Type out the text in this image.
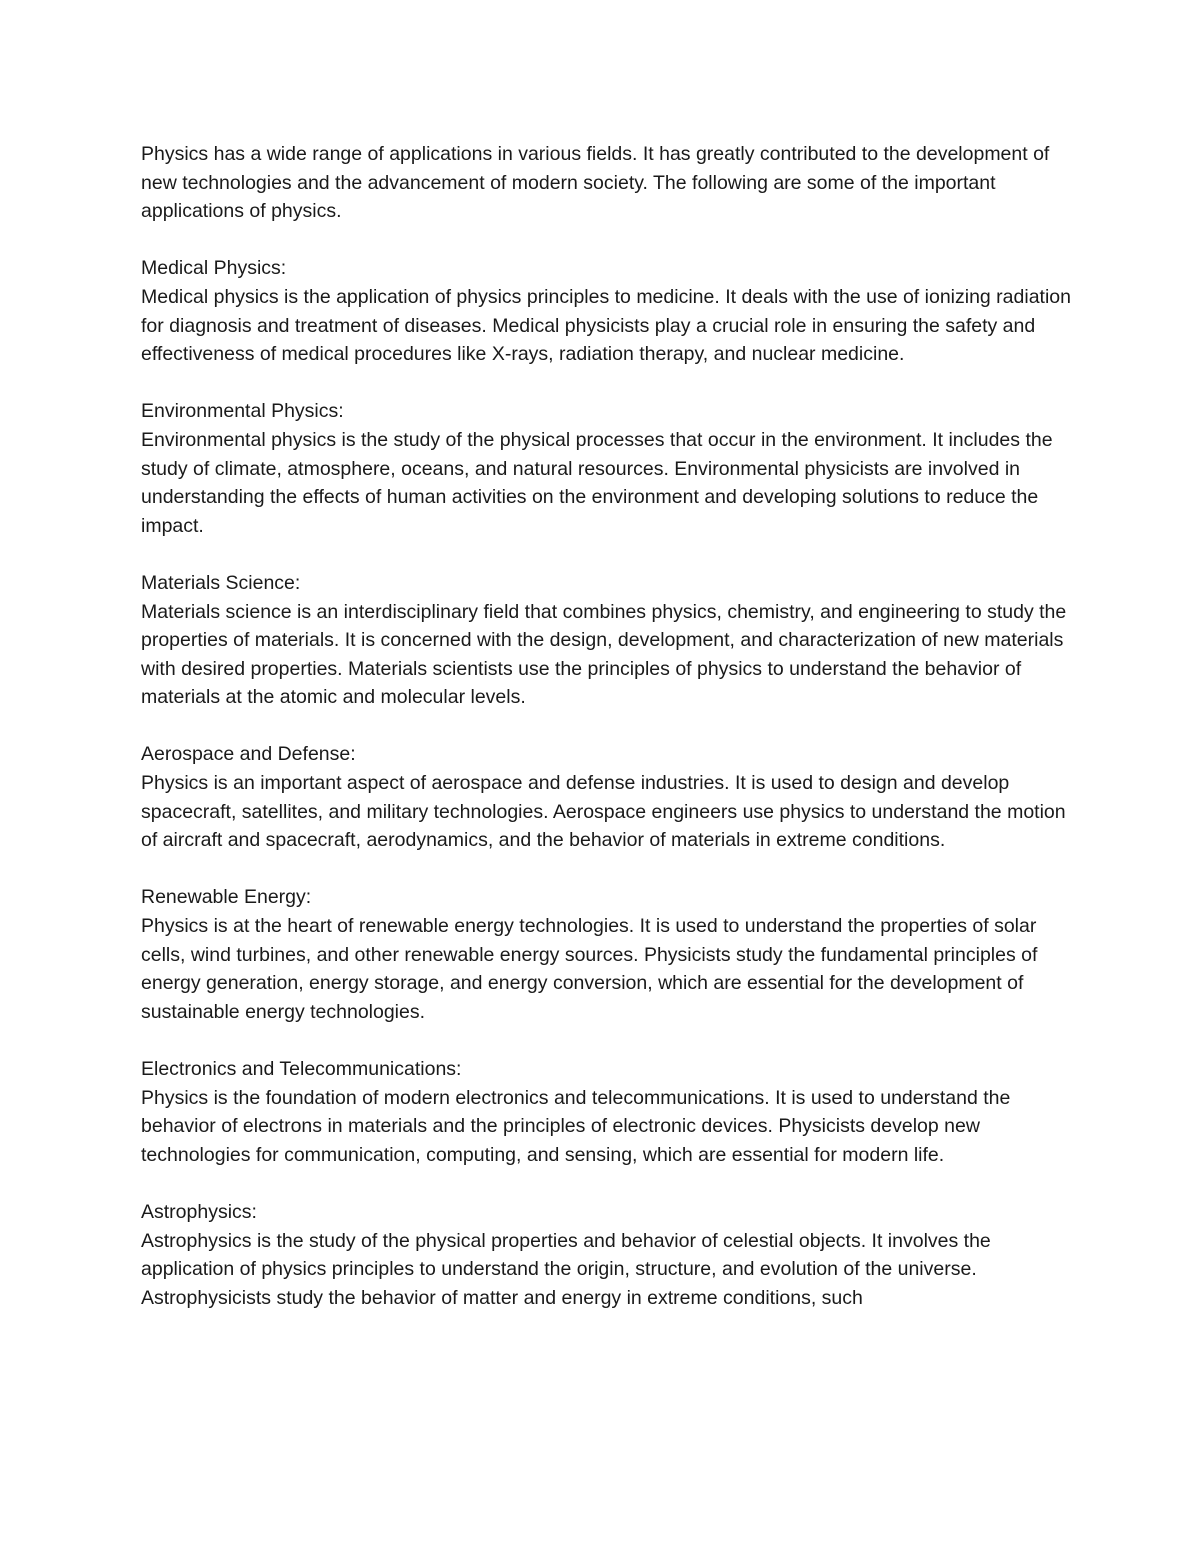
Physics has a wide range of applications in various fields. It has greatly contributed to the development of new technologies and the advancement of modern society. The following are some of the important applications of physics.

Medical Physics:

Medical physics is the application of physics principles to medicine. It deals with the use of ionizing radiation for diagnosis and treatment of diseases. Medical physicists play a crucial role in ensuring the safety and effectiveness of medical procedures like X-rays, radiation therapy, and nuclear medicine.

Environmental Physics:

Environmental physics is the study of the physical processes that occur in the environment. It includes the study of climate, atmosphere, oceans, and natural resources. Environmental physicists are involved in understanding the effects of human activities on the environment and developing solutions to reduce the impact.

Materials Science:

Materials science is an interdisciplinary field that combines physics, chemistry, and engineering to study the properties of materials. It is concerned with the design, development, and characterization of new materials with desired properties. Materials scientists use the principles of physics to understand the behavior of materials at the atomic and molecular levels.

Aerospace and Defense:

Physics is an important aspect of aerospace and defense industries. It is used to design and develop spacecraft, satellites, and military technologies. Aerospace engineers use physics to understand the motion of aircraft and spacecraft, aerodynamics, and the behavior of materials in extreme conditions.

Renewable Energy:

Physics is at the heart of renewable energy technologies. It is used to understand the properties of solar cells, wind turbines, and other renewable energy sources. Physicists study the fundamental principles of energy generation, energy storage, and energy conversion, which are essential for the development of sustainable energy technologies.

Electronics and Telecommunications:

Physics is the foundation of modern electronics and telecommunications. It is used to understand the behavior of electrons in materials and the principles of electronic devices. Physicists develop new technologies for communication, computing, and sensing, which are essential for modern life.

Astrophysics:

Astrophysics is the study of the physical properties and behavior of celestial objects. It involves the application of physics principles to understand the origin, structure, and evolution of the universe. Astrophysicists study the behavior of matter and energy in extreme conditions, such
